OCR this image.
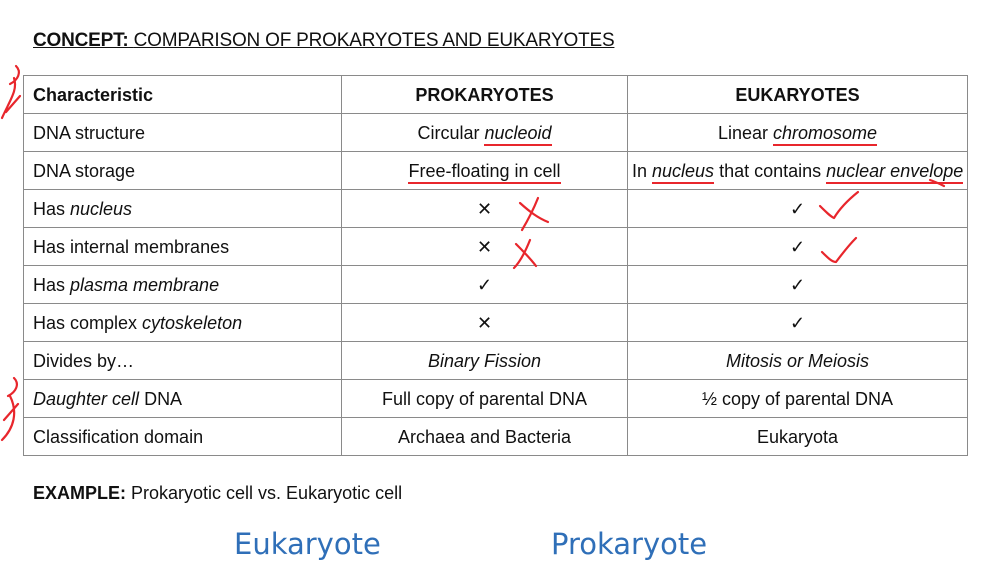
CONCEPT: COMPARISON OF PROKARYOTES AND EUKARYOTES
Characteristic	PROKARYOTES	EUKARYOTES
DNA structure	Circular nucleoid	Linear chromosome
DNA storage	Free-floating in cell	In nucleus that contains nuclear envelope
Has nucleus	✕	✓
Has internal membranes	✕	✓
Has plasma membrane	✓	✓
Has complex cytoskeleton	✕	✓
Divides by…	Binary Fission	Mitosis or Meiosis
Daughter cell DNA	Full copy of parental DNA	½ copy of parental DNA
Classification domain	Archaea and Bacteria	Eukaryota
EXAMPLE: Prokaryotic cell vs. Eukaryotic cell
Eukaryote	Prokaryote
